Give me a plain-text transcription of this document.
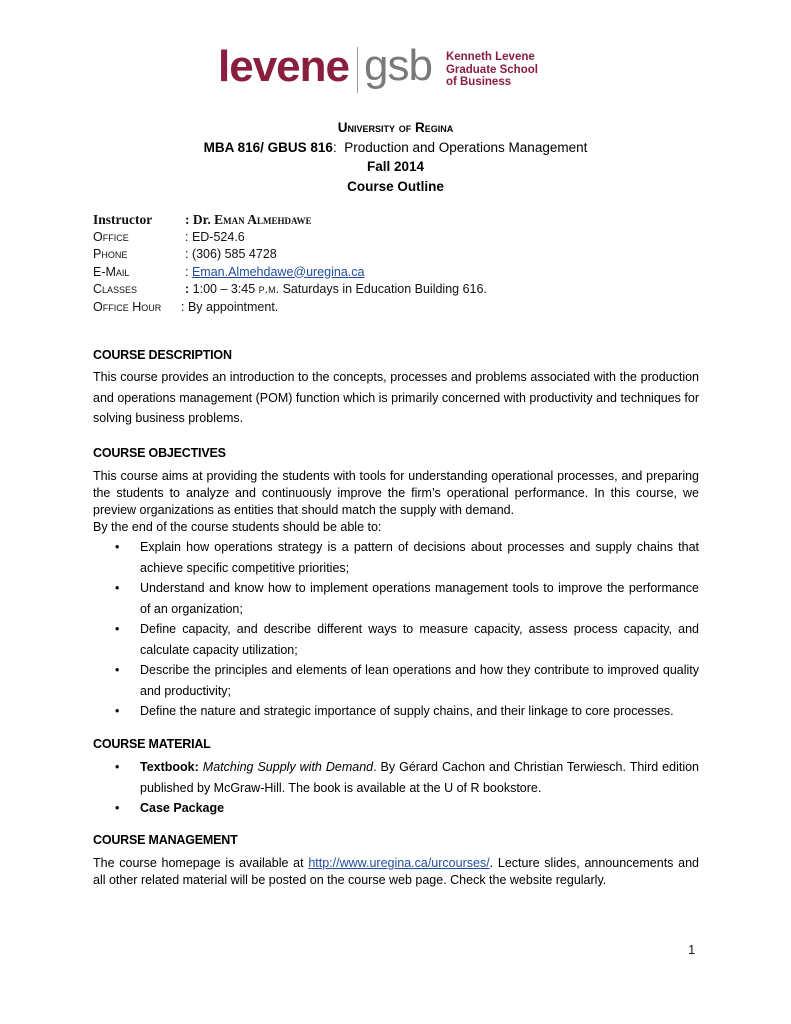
levene gsb Kenneth Levene
Graduate School
of Business
University of Regina
MBA 816/ GBUS 816:  Production and Operations Management
Fall 2014
Course Outline
Instructor	: Dr. Eman Almehdawe
Office	: ED-524.6
Phone	: (306) 585 4728
E-Mail	: Eman.Almehdawe@uregina.ca
Classes	: 1:00 – 3:45 p.m. Saturdays in Education Building 616.
Office Hour	: By appointment.
COURSE DESCRIPTION
This course provides an introduction to the concepts, processes and problems associated with the production and operations management (POM) function which is primarily concerned with productivity and techniques for solving business problems.
COURSE OBJECTIVES
This course aims at providing the students with tools for understanding operational processes, and preparing the students to analyze and continuously improve the firm’s operational performance. In this course, we preview organizations as entities that should match the supply with demand.
By the end of the course students should be able to:
• Explain how operations strategy is a pattern of decisions about processes and supply chains that achieve specific competitive priorities;
• Understand and know how to implement operations management tools to improve the performance of an organization;
• Define capacity, and describe different ways to measure capacity, assess process capacity, and calculate capacity utilization;
• Describe the principles and elements of lean operations and how they contribute to improved quality and productivity;
• Define the nature and strategic importance of supply chains, and their linkage to core processes.
COURSE MATERIAL
• Textbook: Matching Supply with Demand. By Gérard Cachon and Christian Terwiesch. Third edition published by McGraw-Hill. The book is available at the U of R bookstore.
• Case Package
COURSE MANAGEMENT
The course homepage is available at http://www.uregina.ca/urcourses/. Lecture slides, announcements and all other related material will be posted on the course web page. Check the website regularly.
1
